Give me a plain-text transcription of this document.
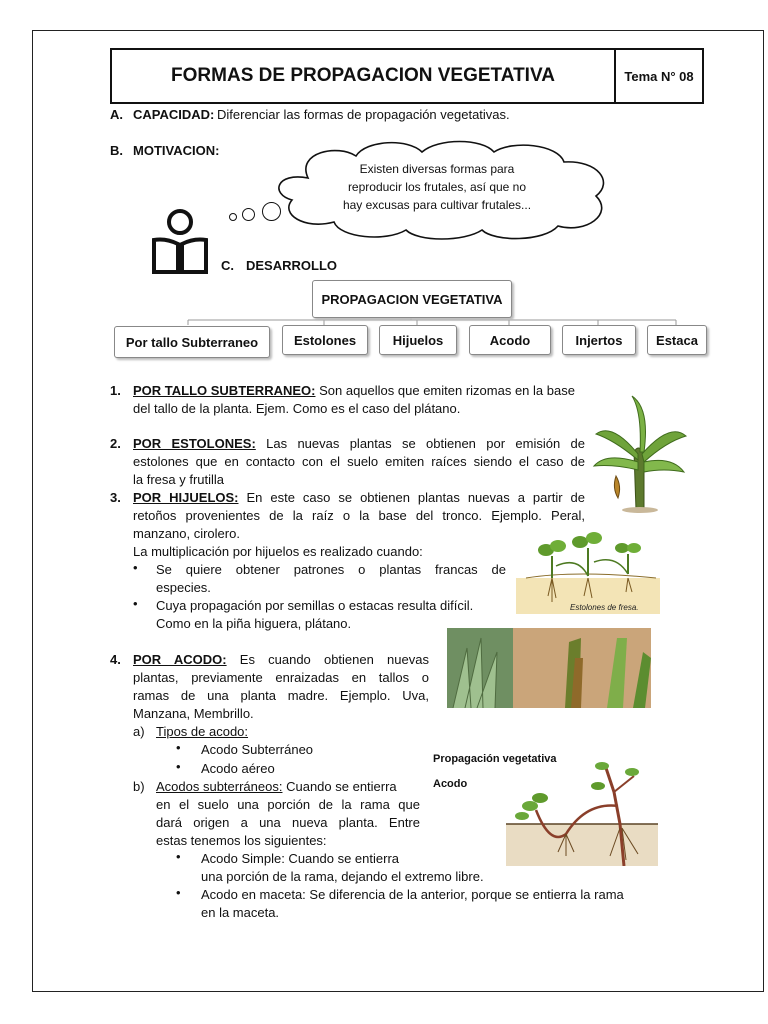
FORMAS DE PROPAGACION VEGETATIVA	Tema N° 08
A. CAPACIDAD: Diferenciar las formas de propagación vegetativas.
B. MOTIVACION:
Existen diversas formas para
reproducir los frutales, así que no
hay excusas para cultivar frutales...
C. DESARROLLO
PROPAGACION VEGETATIVA
Por tallo Subterraneo	Estolones	Hijuelos	Acodo	Injertos	Estaca
1. POR TALLO SUBTERRANEO: Son aquellos que emiten rizomas en la base
del tallo de la planta. Ejem. Como es el caso del plátano.
2. POR ESTOLONES: Las nuevas plantas se obtienen por emisión de
estolones que en contacto con el suelo emiten raíces siendo el caso de
la fresa y frutilla
3. POR HIJUELOS: En este caso se obtienen plantas nuevas a partir de
retoños provenientes de la raíz o la base del tronco. Ejemplo. Peral,
manzano, cirolero.
La multiplicación por hijuelos es realizado cuando:
• Se quiere obtener patrones o plantas francas de
especies.
• Cuya propagación por semillas o estacas resulta difícil.
Como en la piña higuera, plátano.
Estolones de fresa.
4. POR ACODO: Es cuando obtienen nuevas
plantas, previamente enraizadas en tallos o
ramas de una planta madre. Ejemplo. Uva,
Manzana, Membrillo.
a) Tipos de acodo:
• Acodo Subterráneo
• Acodo aéreo
b) Acodos subterráneos: Cuando se entierra
en el suelo una porción de la rama que
dará origen a una nueva planta. Entre
estas tenemos los siguientes:
• Acodo Simple: Cuando se entierra
una porción de la rama, dejando el extremo libre.
• Acodo en maceta: Se diferencia de la anterior, porque se entierra la rama
en la maceta.
Propagación vegetativa
Acodo
